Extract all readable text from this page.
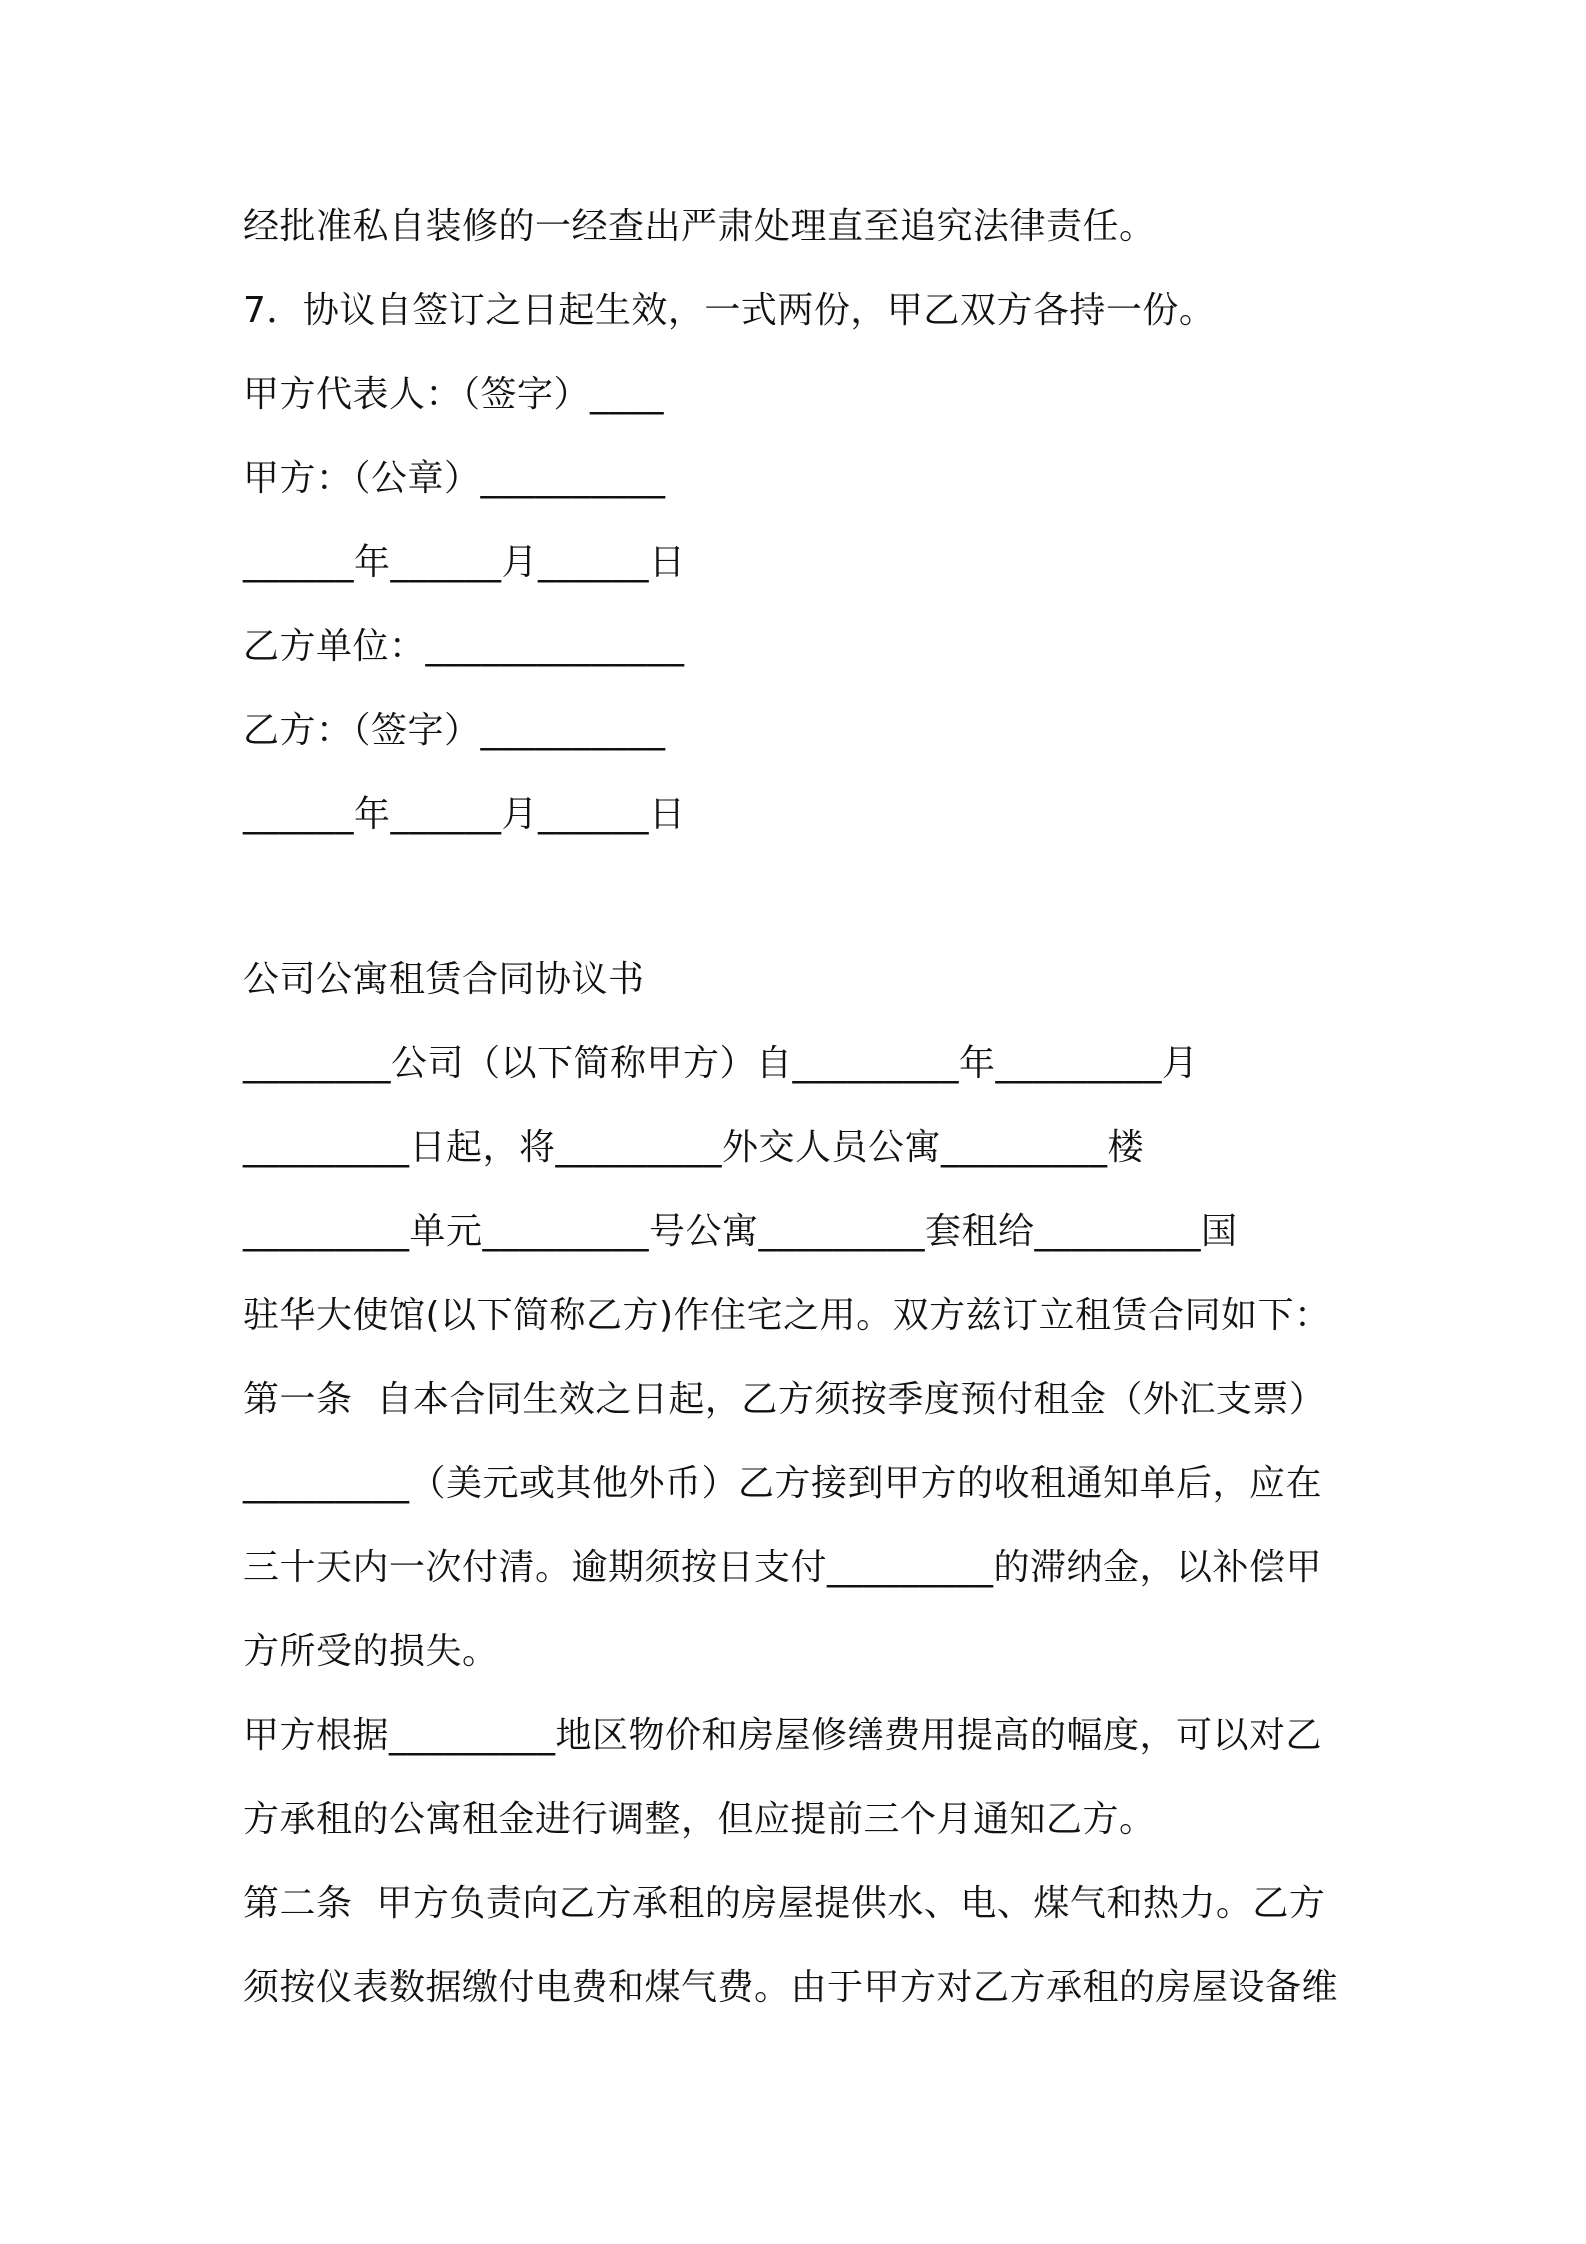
经批准私自装修的一经查出严肃处理直至追究法律责任。

7．协议自签订之日起生效，一式两份，甲乙双方各持一份。

甲方代表人：（签字）____

甲方：（公章）__________

______年______月______日

乙方单位：______________

乙方：（签字）__________

______年______月______日

公司公寓租赁合同协议书

________公司（以下简称甲方）自_________年_________月

_________日起，将_________外交人员公寓_________楼

_________单元_________号公寓_________套租给_________国

驻华大使馆(以下简称乙方)作住宅之用。双方兹订立租赁合同如下：

第一条  自本合同生效之日起，乙方须按季度预付租金（外汇支票）

_________（美元或其他外币）乙方接到甲方的收租通知单后，应在

三十天内一次付清。逾期须按日支付_________的滞纳金，以补偿甲

方所受的损失。

甲方根据_________地区物价和房屋修缮费用提高的幅度，可以对乙

方承租的公寓租金进行调整，但应提前三个月通知乙方。

第二条  甲方负责向乙方承租的房屋提供水、电、煤气和热力。乙方

须按仪表数据缴付电费和煤气费。由于甲方对乙方承租的房屋设备维
